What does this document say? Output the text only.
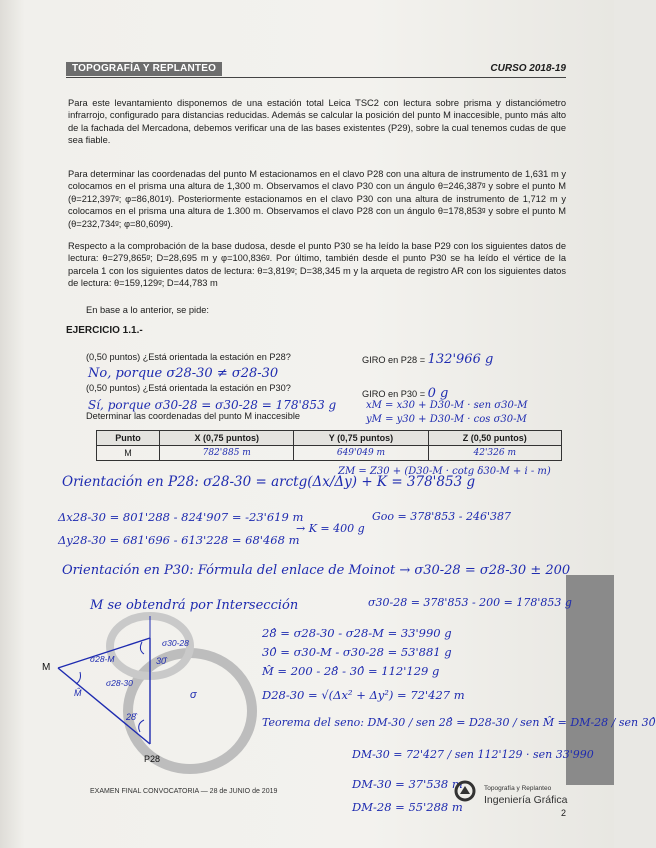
TOPOGRAFÍA Y REPLANTEO	CURSO 2018-19

Para este levantamiento disponemos de una estación total Leica TSC2 con lectura sobre prisma y distanciómetro infrarrojo, configurado para distancias reducidas. Además se calcular la posición del punto M inaccesible, punto más alto de la fachada del Mercadona, debemos verificar una de las bases existentes (P29), sobre la cual tenemos cudas de que sea fiable.

Para determinar las coordenadas del punto M estacionamos en el clavo P28 con una altura de instrumento de 1,631 m y colocamos en el prisma una altura de 1,300 m. Observamos el clavo P30 con un ángulo θ=246,387ᵍ y sobre el punto M (θ=212,397ᵍ; φ=86,801ᵍ). Posteriormente estacionamos en el clavo P30 con una altura de instrumento de 1,712 m y colocamos en el prisma una altura de 1.300 m. Observamos el clavo P28 con un ángulo θ=178,853ᵍ y sobre el punto M (θ=232,734ᵍ; φ=80,609ᵍ).

Respecto a la comprobación de la base dudosa, desde el punto P30 se ha leído la base P29 con los siguientes datos de lectura: θ=279,865ᵍ; D=28,695 m y φ=100,836ᵍ. Por último, también desde el punto P30 se ha leído el vértice de la parcela 1 con los siguientes datos de lectura: θ=3,819ᵍ; D=38,345 m y la arqueta de registro AR con los siguientes datos de lectura: θ=159,129ᵍ; D=44,783 m

En base a lo anterior, se pide:

EJERCICIO 1.1.-
(0,50 puntos) ¿Está orientada la estación en P28?	GIRO en P28 = 132'966 g
No, porque σ28-30 ≠ σ28-30
(0,50 puntos) ¿Está orientada la estación en P30?
GIRO en P30 = 0 g
Sí, porque σ30-28 = σ30-28 = 178'853 g
Determinar las coordenadas del punto M inaccesible
xM = x30 + D30-M · sen σ30-M
yM = y30 + D30-M · cos σ30-M
Punto	X (0,75 puntos)	Y (0,75 puntos)	Z (0,50 puntos)
M	782'885 m	649'049 m	42'326 m
Orientación en P28: σ28-30 = arctg(Δx/Δy) + K = 378'853 g
ZM = Z30 + (D30-M · cotg δ30-M + i - m)
Δx28-30 = 801'288 - 824'907 = -23'619 m
→ K = 400 g
Goo = 378'853 - 246'387
Δy28-30 = 681'696 - 613'228 = 68'468 m
Orientación en P30: Fórmula del enlace de Moinot → σ30-28 = σ28-30 ± 200
σ30-28 = 378'853 - 200 = 178'853 g
M se obtendrá por Intersección
28̂ = σ28-30 - σ28-M = 33'990 g
30̂ = σ30-M - σ30-28 = 53'881 g
M̂ = 200 - 28̂ - 30̂ = 112'129 g
D28-30 = √(Δx² + Δy²) = 72'427 m
Teorema del seno: DM-30 / sen 28̂ = D28-30 / sen M̂ = DM-28 / sen 30̂
DM-30 = 72'427 / sen 112'129 · sen 33'990
DM-30 = 37'538 m
DM-28 = 55'288 m
M
M̂
σ28-M
σ30-28
σ28-30
30̂
28̂
σ
P28
EXAMEN FINAL CONVOCATORIA — 28 de JUNIO de 2019	Topografía y Replanteo
Ingeniería Gráfica
2
